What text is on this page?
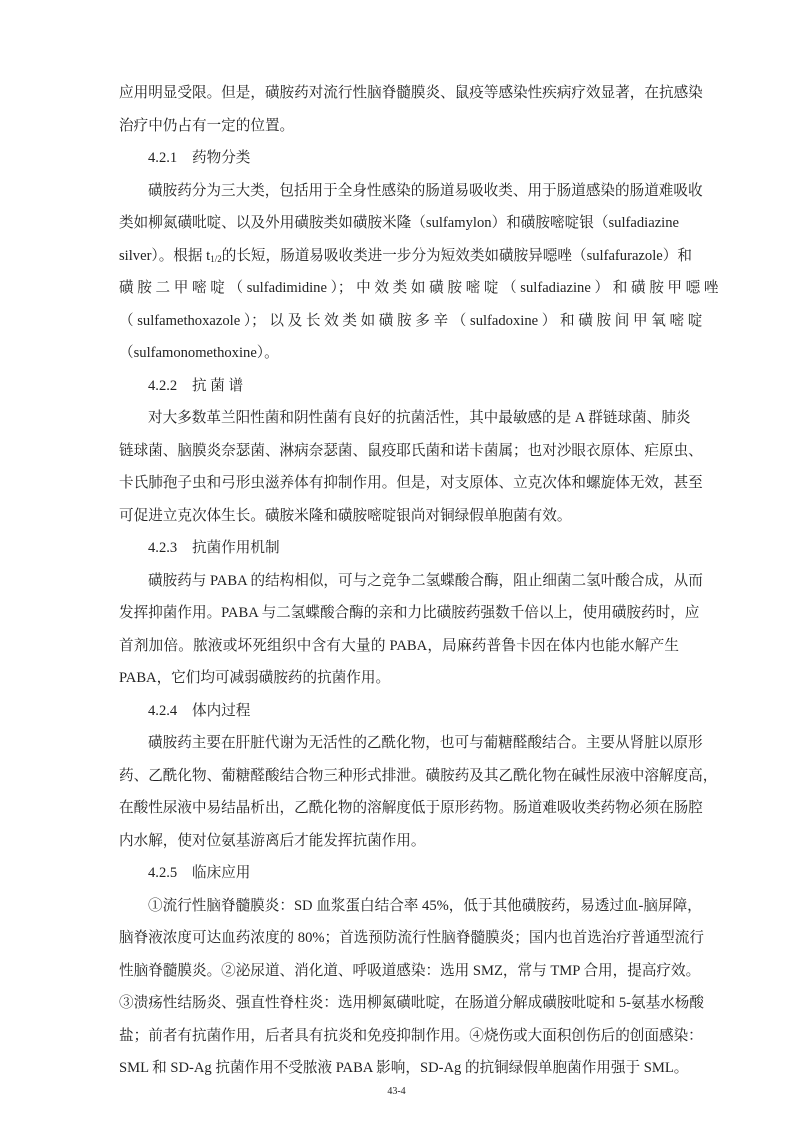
应用明显受限。但是，磺胺药对流行性脑脊髓膜炎、鼠疫等感染性疾病疗效显著，在抗感染
治疗中仍占有一定的位置。
4.2.1 药物分类
磺胺药分为三大类，包括用于全身性感染的肠道易吸收类、用于肠道感染的肠道难吸收
类如柳氮磺吡啶、以及外用磺胺类如磺胺米隆（sulfamylon）和磺胺嘧啶银（sulfadiazine
silver）。根据 $t_{1/2}$的长短，肠道易吸收类进一步分为短效类如磺胺异噁唑（sulfafurazole）和
磺 胺 二 甲 嘧 啶 （ sulfadimidine ）； 中 效 类 如 磺 胺 嘧 啶 （ sulfadiazine ） 和 磺 胺 甲 噁 唑
（ sulfamethoxazole ）； 以 及 长 效 类 如 磺 胺 多 辛 （ sulfadoxine ） 和 磺 胺 间 甲 氧 嘧 啶
（sulfamonomethoxine）。
4.2.2 抗 菌 谱
对大多数革兰阳性菌和阴性菌有良好的抗菌活性，其中最敏感的是 A 群链球菌、肺炎
链球菌、脑膜炎奈瑟菌、淋病奈瑟菌、鼠疫耶氏菌和诺卡菌属；也对沙眼衣原体、疟原虫、
卡氏肺孢子虫和弓形虫滋养体有抑制作用。但是，对支原体、立克次体和螺旋体无效，甚至
可促进立克次体生长。磺胺米隆和磺胺嘧啶银尚对铜绿假单胞菌有效。
4.2.3 抗菌作用机制
磺胺药与 PABA 的结构相似，可与之竞争二氢蝶酸合酶，阻止细菌二氢叶酸合成，从而
发挥抑菌作用。PABA 与二氢蝶酸合酶的亲和力比磺胺药强数千倍以上，使用磺胺药时，应
首剂加倍。脓液或坏死组织中含有大量的 PABA，局麻药普鲁卡因在体内也能水解产生
PABA，它们均可减弱磺胺药的抗菌作用。
4.2.4 体内过程
磺胺药主要在肝脏代谢为无活性的乙酰化物，也可与葡糖醛酸结合。主要从肾脏以原形
药、乙酰化物、葡糖醛酸结合物三种形式排泄。磺胺药及其乙酰化物在碱性尿液中溶解度高，
在酸性尿液中易结晶析出，乙酰化物的溶解度低于原形药物。肠道难吸收类药物必须在肠腔
内水解，使对位氨基游离后才能发挥抗菌作用。
4.2.5 临床应用
①流行性脑脊髓膜炎：SD 血浆蛋白结合率 45%，低于其他磺胺药，易透过血-脑屏障，
脑脊液浓度可达血药浓度的 80%；首选预防流行性脑脊髓膜炎；国内也首选治疗普通型流行
性脑脊髓膜炎。②泌尿道、消化道、呼吸道感染：选用 SMZ，常与 TMP 合用，提高疗效。
③溃疡性结肠炎、强直性脊柱炎：选用柳氮磺吡啶，在肠道分解成磺胺吡啶和 5-氨基水杨酸
盐；前者有抗菌作用，后者具有抗炎和免疫抑制作用。④烧伤或大面积创伤后的创面感染：
SML 和 SD-Ag 抗菌作用不受脓液 PABA 影响，SD-Ag 的抗铜绿假单胞菌作用强于 SML。
43-4
